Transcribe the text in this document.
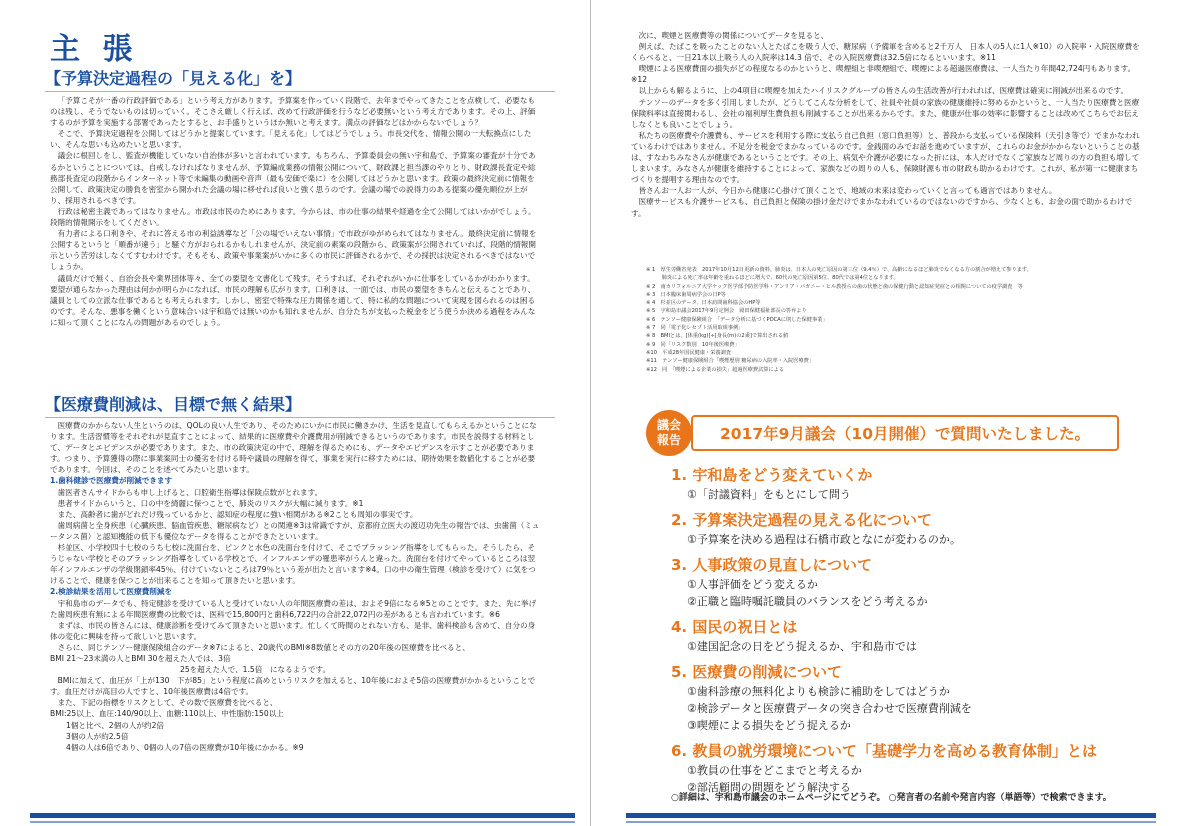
主 張
【予算決定過程の「見える化」を】

「予算こそが一番の行政評価である」という考え方があります。予算案を作っていく段階で、去年までやってきたことを点検して、必要なものは残し、そうでないものは切っていく。そこさえ厳しく行えば、改めて行政評価を行うなど必要無いという考え方であります。その上、評価するのが予算を実施する部署であったとすると、お手盛りというほか無いと考えます。満点の評価などはかからないでしょう？

そこで、予算決定過程を公開してはどうかと提案しています。「見える化」してはどうでしょう。市長交代を、情報公開の一大転換点にしたい、そんな思いも込めたいと思います。

議会に根回しをし、監査が機能していない自治体が多いと言われています。もちろん、予算委員会の無い宇和島で、予算案の審査が十分であるかということについては、自戒しなければなりませんが、予算編成業務の情報公開について、財政課と担当課のやりとり、財政課長査定や総務部長査定の段階からインターネット等で未編集の動画や音声（最も安価で楽に）を公開してはどうかと思います。政策の最終決定前に情報を公開して、政策決定の勝負を密室から開かれた会議の場に移せれば良いと強く思うのです。会議の場での説得力のある提案の優先順位が上がり、採用されるべきです。

行政は秘密主義であってはなりません。市政は市民のためにあります。今からは、市の仕事の結果や経過を全て公開してはいかがでしょう。段階的情報開示をしてください。

有力者による口利きや、それに答える市の利益誘導など「公の場でいえない事情」で市政がゆがめられてはなりません。最終決定前に情報を公開するというと「順番が違う」と騒ぐ方がおられるかもしれませんが、決定前の素案の段階から、政策案が公開されていれば、段階的情報開示という苦労はしなくてすむわけです。そもそも、政策や事業案がいかに多くの市民に評価されるかで、その採択は決定されるべきではないでしょうか。

議員だけで無く、自治会長や業界団体等々、全ての要望を文書化して残す。そうすれば、それぞれがいかに仕事をしているかがわかります。要望が通らなかった理由は何かが明らかになれば、市民の理解も広がります。口利きは、一面では、市民の要望をきちんと伝えることであり、議員としての立派な仕事であるとも考えられます。しかし、密室で特殊な圧力関係を通して、特に私的な問題について実現を図られるのは困るのです。そんな、悪事を働くという意味合いは宇和島では無いのかも知れませんが、自分たちが支払った税金をどう使うか決める過程をみんなに知って頂くことになんの問題があるのでしょう。

【医療費削減は、目標で無く結果】

医療費のかからない人生というのは、QOLの良い人生であり、そのためにいかに市民に働きかけ、生活を見直してもらえるかということになります。生活習慣等をそれぞれが見直すことによって、結果的に医療費や介護費用が削減できるというのであります。市民を説得する材料として、データとエビデンスが必要であります。また、市の政策決定の中で、理解を得るためにも、データやエビデンスを示すことが必要であります。つまり、予算獲得の際に事業案同士の優劣を付ける時や議員の理解を得て、事業を実行に移すためには、期待効果を数値化することが必要であります。今回は、そのことを述べてみたいと思います。

1.歯科健診で医療費が削減できます

歯医者さんサイドからも申し上げると、口腔衛生指導は保険点数がとれます。

患者サイドからいうと、口の中を綺麗に保つことで、肺炎のリスクが大幅に減ります。※1

また、高齢者に歯がどれだけ残っているかと、認知症の程度に強い相関がある※2ことも周知の事実です。

歯周病菌と全身疾患（心臓疾患、脳血管疾患、糖尿病など）との関連※3は常識ですが、京都府立医大の渡辺功先生の報告では、虫歯菌（ミュータンス菌）と認知機能の低下も優位なデータを得ることができたといいます。

杉並区、小学校四十七校のうち七校に洗面台を、ピンクと水色の洗面台を付けて、そこでブラッシング指導をしてもらった。そうしたら、そうじゃない学校とそのブラッシング指導をしている学校とで、インフルエンザの罹患率がうんと違った。洗面台を付けてやっているところは翌年インフルエンザの学級閉鎖率45％、付けていないところは79％という差が出たと言います※4。口の中の衛生管理（検診を受けて）に気をつけることで、健康を保つことが出来ることを知って頂きたいと思います。

2.検診結果を活用して医療費削減を

宇和島市のデータでも、特定健診を受けている人と受けていない人の年間医療費の差は、およそ9倍になる※5とのことです。また、先に挙げた歯周疾患有無による年間医療費の比較では、医科で15,800円と歯科6,722円の合計22,072円の差があるとも言われています。※6

まずは、市民の皆さんには、健康診断を受けてみて頂きたいと思います。忙しくて時間のとれない方も、是非、歯科検診も含めて、自分の身体の変化に興味を持って欲しいと思います。

さらに、同じテンソー健康保険組合のデータ※7によると、20歳代のBMI※8数値とその方の20年後の医療費を比べると、

BMI 21～23未満の人とBMI 30を超えた人では、3倍

25を超えた人で、1.5倍　になるようです。

BMIに加えて、血圧が「上が130　下が85」という程度に高めというリスクを加えると、10年後におよそ5倍の医療費がかかるということです。血圧だけが高目の人ですと、10年後医療費は4倍です。

また、下記の指標をリスクとして、その数で医療費を比べると、

BMI:25以上、血圧:140/90以上、血糖:110以上、中性脂肪:150以上

1個と比べ、2個の人が约2倍

3個の人が約2.5倍

4個の人は6倍であり、0個の人の7倍の医療費が10年後にかかる。※9

次に、喫煙と医療費等の関係についてデータを見ると、

例えば、たばこを吸ったことのない人とたばこを吸う人で、糖尿病（予備軍を含めると2千万人　日本人の5人に1人※10）の入院率・入院医療費をくらべると、一日21本以上吸う人の入院率は14.3 倍で、その入院医療費は32.5倍になるといいます。※11

喫煙による医療費面の損失がどの程度なるのかというと、喫煙組と非喫煙組で、喫煙による超過医療費は、一人当たり年間42,724円もあります。※12

以上からも解るように、上の4項目に喫煙を加えたハイリスクグループの皆さんの生活改善が行われれば、医療費は確実に削減が出来るのです。

テンソーのデータを多く引用しましたが、どうしてこんな分析をして、社員や社員の家族の健康維持に努めるかというと、一人当たり医療費と医療保険料率は直接関わるし、会社の福利厚生費負担も削減することが出来るからです。また、健康が仕事の効率に影響することは改めてこちらでお伝えしなくとも良いことでしょう。

私たちの医療費や介護費も、サービスを利用する際に支払う自己負担（窓口負担等）と、普段から支払っている保険料（天引き等で）でまかなわれているわけではありません。不足分を税金でまかなっているのです。金銭面のみでお話を進めていますが、これらのお金がかからないということの基は、すなわちみなさんが健康であるということです。その上、病気や介護が必要になった折には、本人だけでなくご家族など周りの方の負担も増してしまいます。みなさんが健康を維持することによって、家族などの周りの人も、保険財源も市の財政も助かるわけです。これが、私が第一に健康まちづくりを提唱する理由なのです。

皆さんお一人お一人が、今日から健康に心掛けて頂くことで、地域の未来は変わっていくと言っても過言ではありません。

医療サービスも介護サービスも、自己負担と保険の掛け金だけでまかなわれているのではないのですから、少なくとも、お金の面で助かるわけです。

※ 1　厚生労働省発表　2017年10月12日更新の資料。肺炎は、日本人の死亡原因の第三位（9.4％）で、高齢になるほど肺炎でなくなる方の割合が増えて参ります。
　　　肺炎による死亡率は年齢を重ねるほどに増大で、60代の死亡原因第5位、80代では第4位となります。
※ 2　南カリフォルニア大学ケック医学部予防医学科・アンリア・バガニー・ヒル教授らの歯の状態と歯の保健行動と認知症発症との相関についての疫学調査　等
※ 3　日本臨床歯周病学会の日P等
※ 4　杉並区のデータ、日本訪問歯科協会のHP等
※ 5　宇和島市議会2017年9月定例会　岡田保健福祉部長の答弁より
※ 6　テンソー健康保険組合　「データ分析に基づくPDCAに則した保健事業」
※ 7　同「電子化レセプト活用取組事例」
※ 8　BMIとは、[体重(kg)]÷[身長(m)の2乗]で算出される値
※ 9　同「リスク数別　10年後医療費」
※10　平成28年国民健康・栄養調査
※11　テンソー健康保険組合「喫煙歴別 糖尿病の入院率・入院医療費」
※12　同　「喫煙による企業の損失」超過医療費試算による
議会
報告	2017年9月議会（10月開催）で質問いたしました。
1. 宇和島をどう変えていくか
①「討議資料」をもとにして問う
2. 予算案決定過程の見える化について
①予算案を決める過程は石橋市政となにが変わるのか。
3. 人事政策の見直しについて
①人事評価をどう変えるか
②正職と臨時嘱託職員のバランスをどう考えるか
4. 国民の祝日とは
①建国記念の日をどう捉えるか、宇和島市では
5. 医療費の削減について
①歯科診療の無料化よりも検診に補助をしてはどうか
②検診データと医療費データの突き合わせで医療費削減を
③喫煙による損失をどう捉えるか
6. 教員の就労環境について「基礎学力を高める教育体制」とは
①教員の仕事をどこまでと考えるか
②部活顧問の問題をどう解決する
○詳細は、宇和島市議会のホームページにてどうぞ。 ○発言者の名前や発言内容（単語等）で検索できます。
